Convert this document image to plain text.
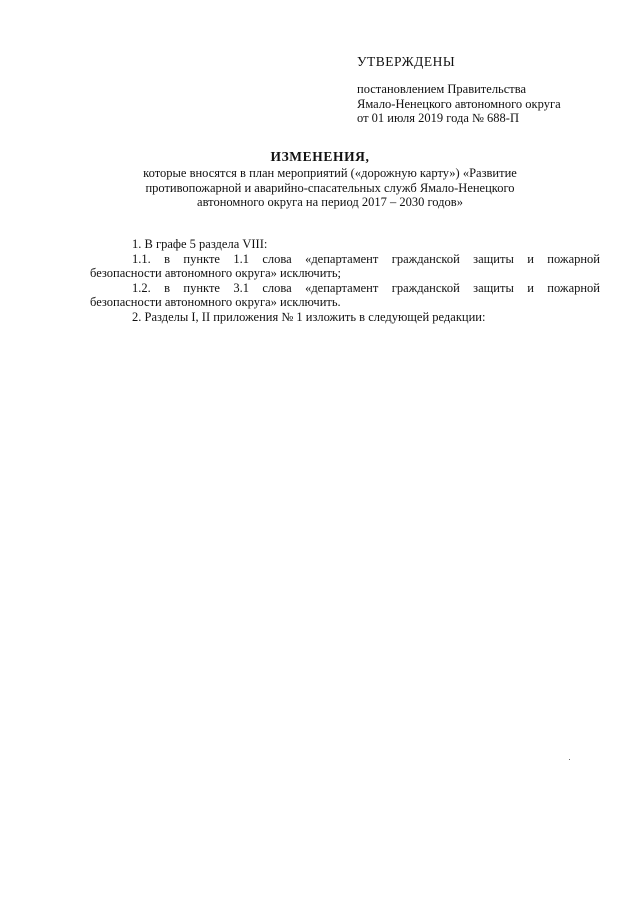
УТВЕРЖДЕНЫ
постановлением Правительства
Ямало-Ненецкого автономного округа
от 01 июля 2019 года № 688-П
ИЗМЕНЕНИЯ,
которые вносятся в план мероприятий («дорожную карту») «Развитие
противопожарной и аварийно-спасательных служб Ямало-Ненецкого
автономного округа на период 2017 – 2030 годов»
1. В графе 5 раздела VIII:
1.1. в пункте 1.1 слова «департамент гражданской защиты и пожарной
безопасности автономного округа» исключить;
1.2. в пункте 3.1 слова «департамент гражданской защиты и пожарной
безопасности автономного округа» исключить.
2. Разделы I, II приложения № 1 изложить в следующей редакции:
